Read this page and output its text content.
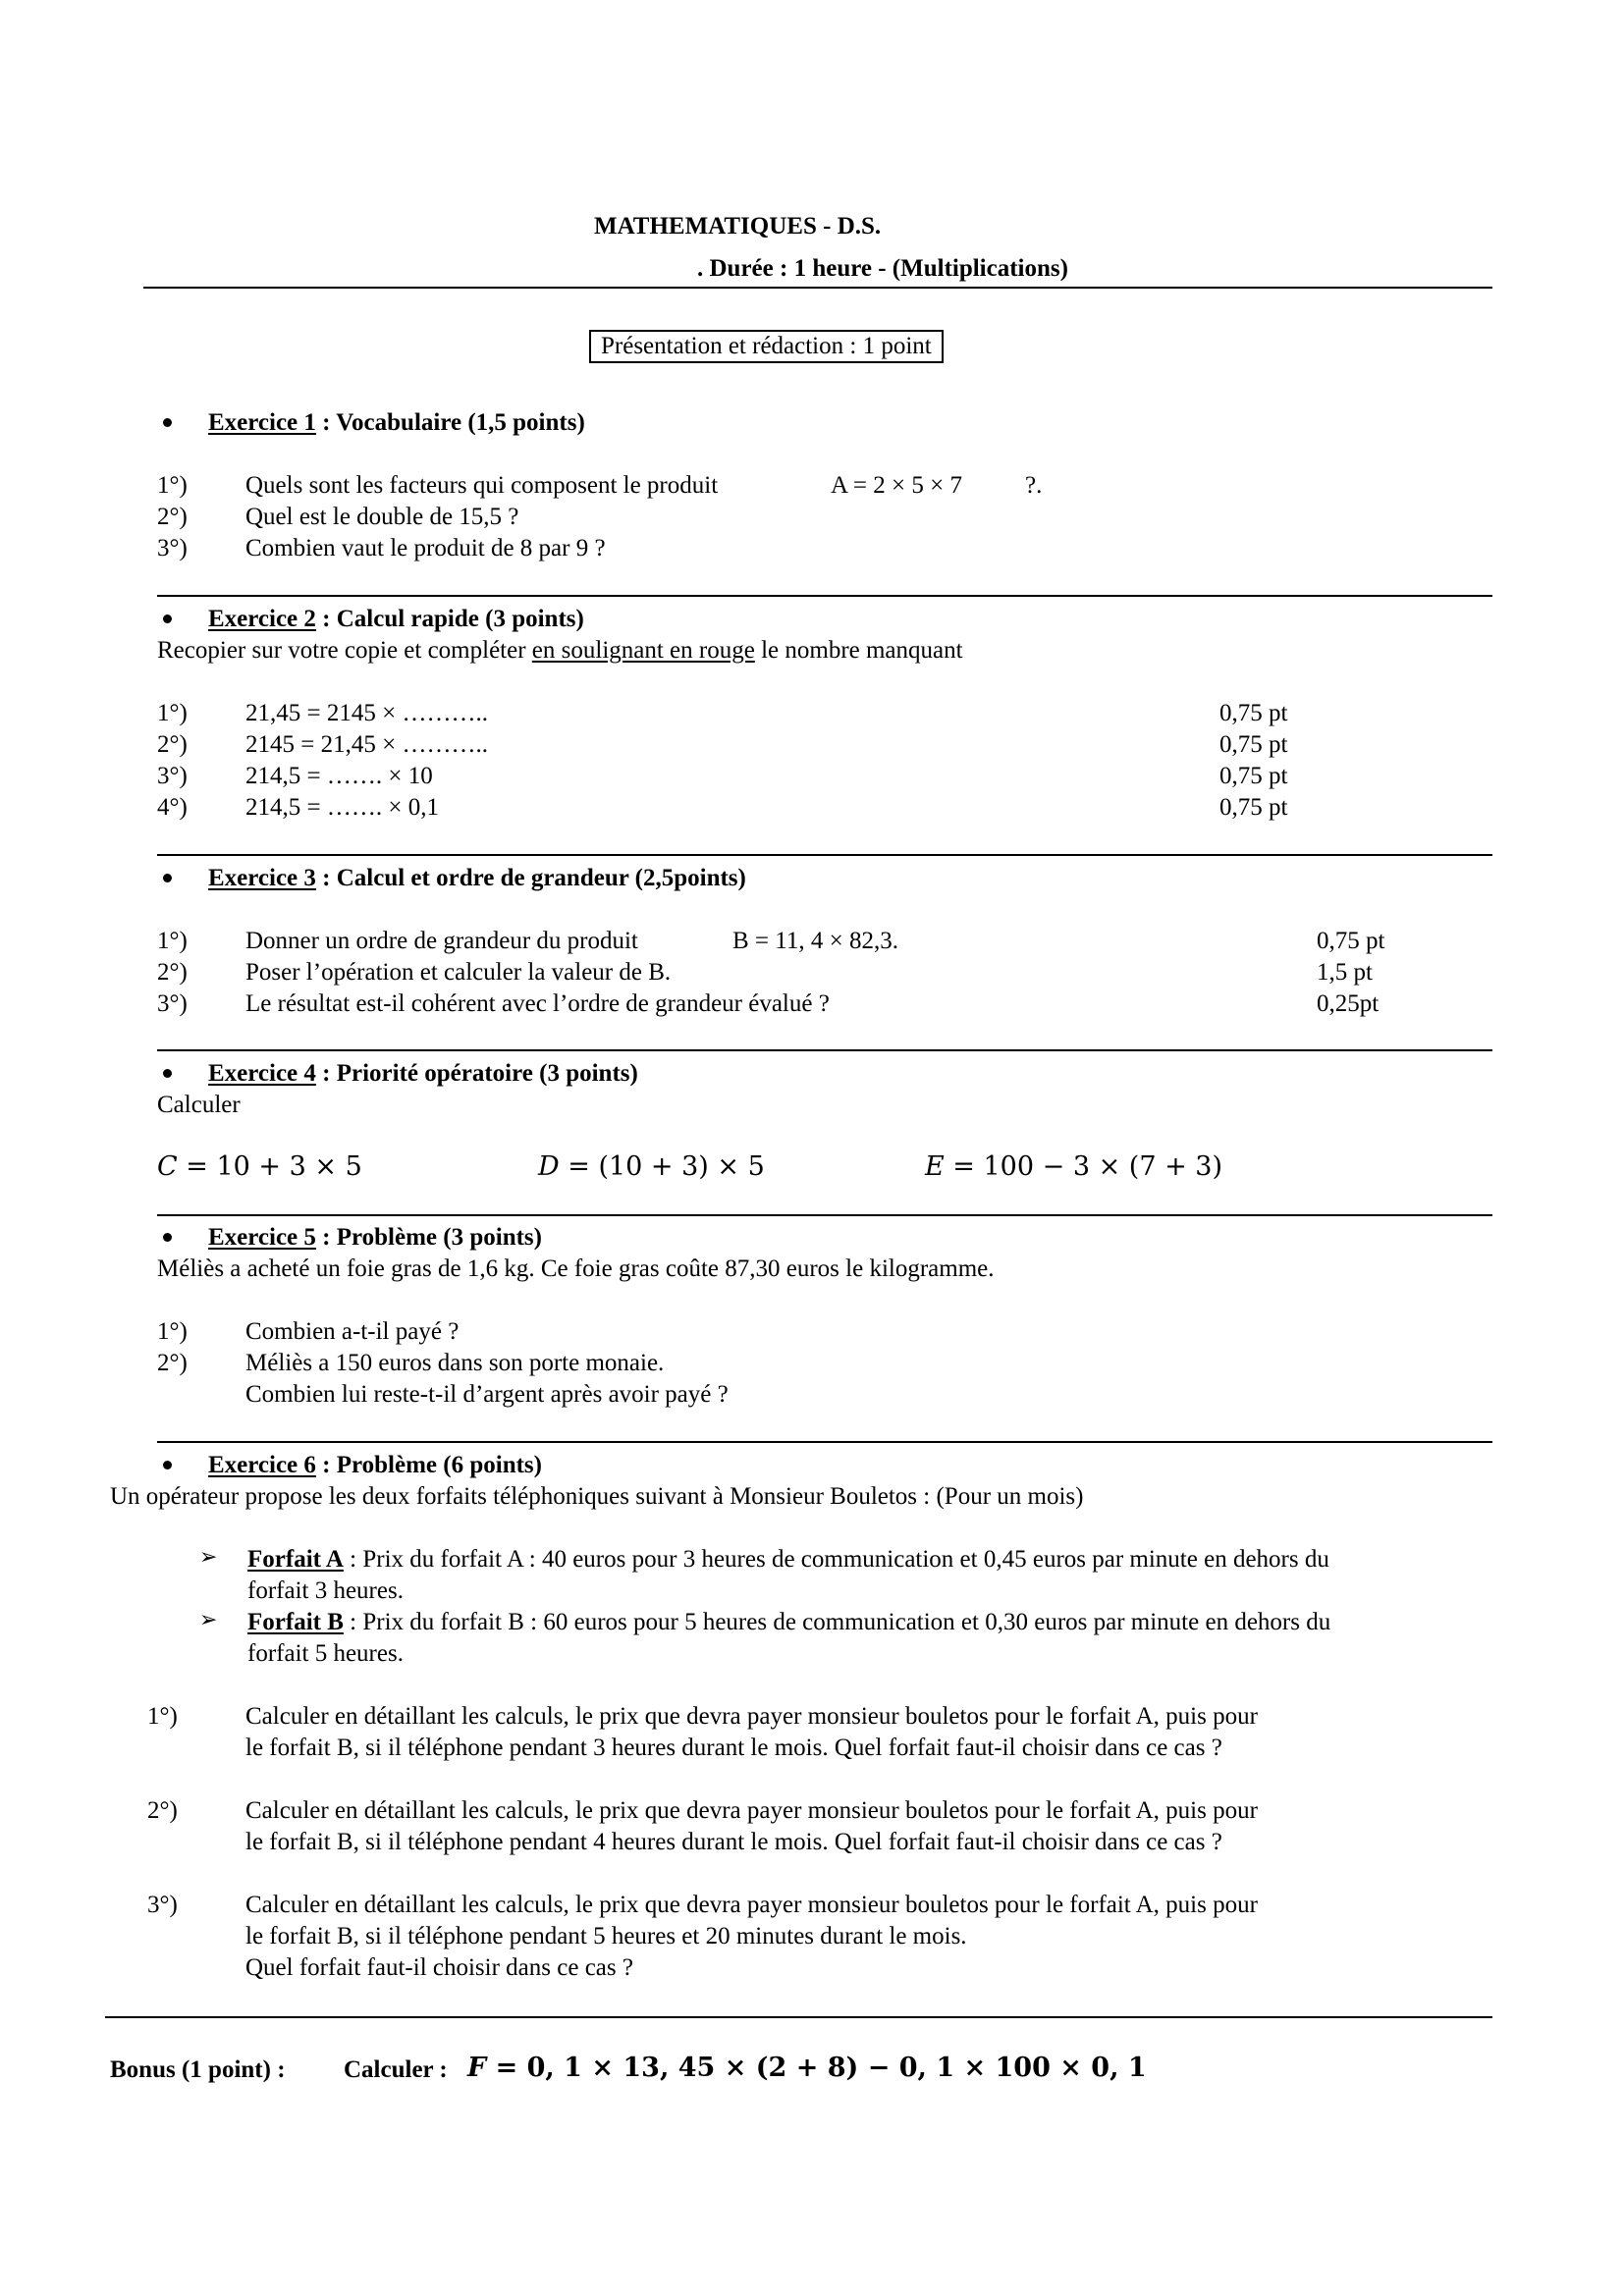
MATHEMATIQUES - D.S.
. Durée : 1 heure - (Multiplications)
Présentation et rédaction : 1 point
Exercice 1 : Vocabulaire (1,5 points)
1°) Quels sont les facteurs qui composent le produit	A = 2 × 5 × 7	?.
2°) Quel est le double de 15,5 ?
3°) Combien vaut le produit de 8 par 9 ?
Exercice 2 : Calcul rapide (3 points)
Recopier sur votre copie et compléter en soulignant en rouge le nombre manquant
1°) 21,45 = 2145 × ………..	0,75 pt
2°) 2145 = 21,45 × ………..	0,75 pt
3°) 214,5 = ……. × 10	0,75 pt
4°) 214,5 = ……. × 0,1	0,75 pt
Exercice 3 : Calcul et ordre de grandeur (2,5points)
1°) Donner un ordre de grandeur du produit	B = 11, 4 × 82,3.	0,75 pt
2°) Poser l’opération et calculer la valeur de B.	1,5 pt
3°) Le résultat est-il cohérent avec l’ordre de grandeur évalué ?	0,25pt
Exercice 4 : Priorité opératoire (3 points)
Calculer
C = 10 + 3 × 5	D = (10 + 3) × 5	E = 100 − 3 × (7 + 3)
Exercice 5 : Problème (3 points)
Méliès a acheté un foie gras de 1,6 kg. Ce foie gras coûte 87,30 euros le kilogramme.
1°) Combien a-t-il payé ?
2°) Méliès a 150 euros dans son porte monaie.
Combien lui reste-t-il d’argent après avoir payé ?
Exercice 6 : Problème (6 points)
Un opérateur propose les deux forfaits téléphoniques suivant à Monsieur Bouletos : (Pour un mois)
➢ Forfait A : Prix du forfait A : 40 euros pour 3 heures de communication et 0,45 euros par minute en dehors du
forfait 3 heures.
➢ Forfait B : Prix du forfait B : 60 euros pour 5 heures de communication et 0,30 euros par minute en dehors du
forfait 5 heures.
1°)	Calculer en détaillant les calculs, le prix que devra payer monsieur bouletos pour le forfait A, puis pour
le forfait B, si il téléphone pendant 3 heures durant le mois. Quel forfait faut-il choisir dans ce cas ?
2°)	Calculer en détaillant les calculs, le prix que devra payer monsieur bouletos pour le forfait A, puis pour
le forfait B, si il téléphone pendant 4 heures durant le mois. Quel forfait faut-il choisir dans ce cas ?
3°)	Calculer en détaillant les calculs, le prix que devra payer monsieur bouletos pour le forfait A, puis pour
le forfait B, si il téléphone pendant 5 heures et 20 minutes durant le mois.
Quel forfait faut-il choisir dans ce cas ?
Bonus (1 point) : Calculer : F = 0, 1 × 13, 45 × (2 + 8) − 0, 1 × 100 × 0, 1
